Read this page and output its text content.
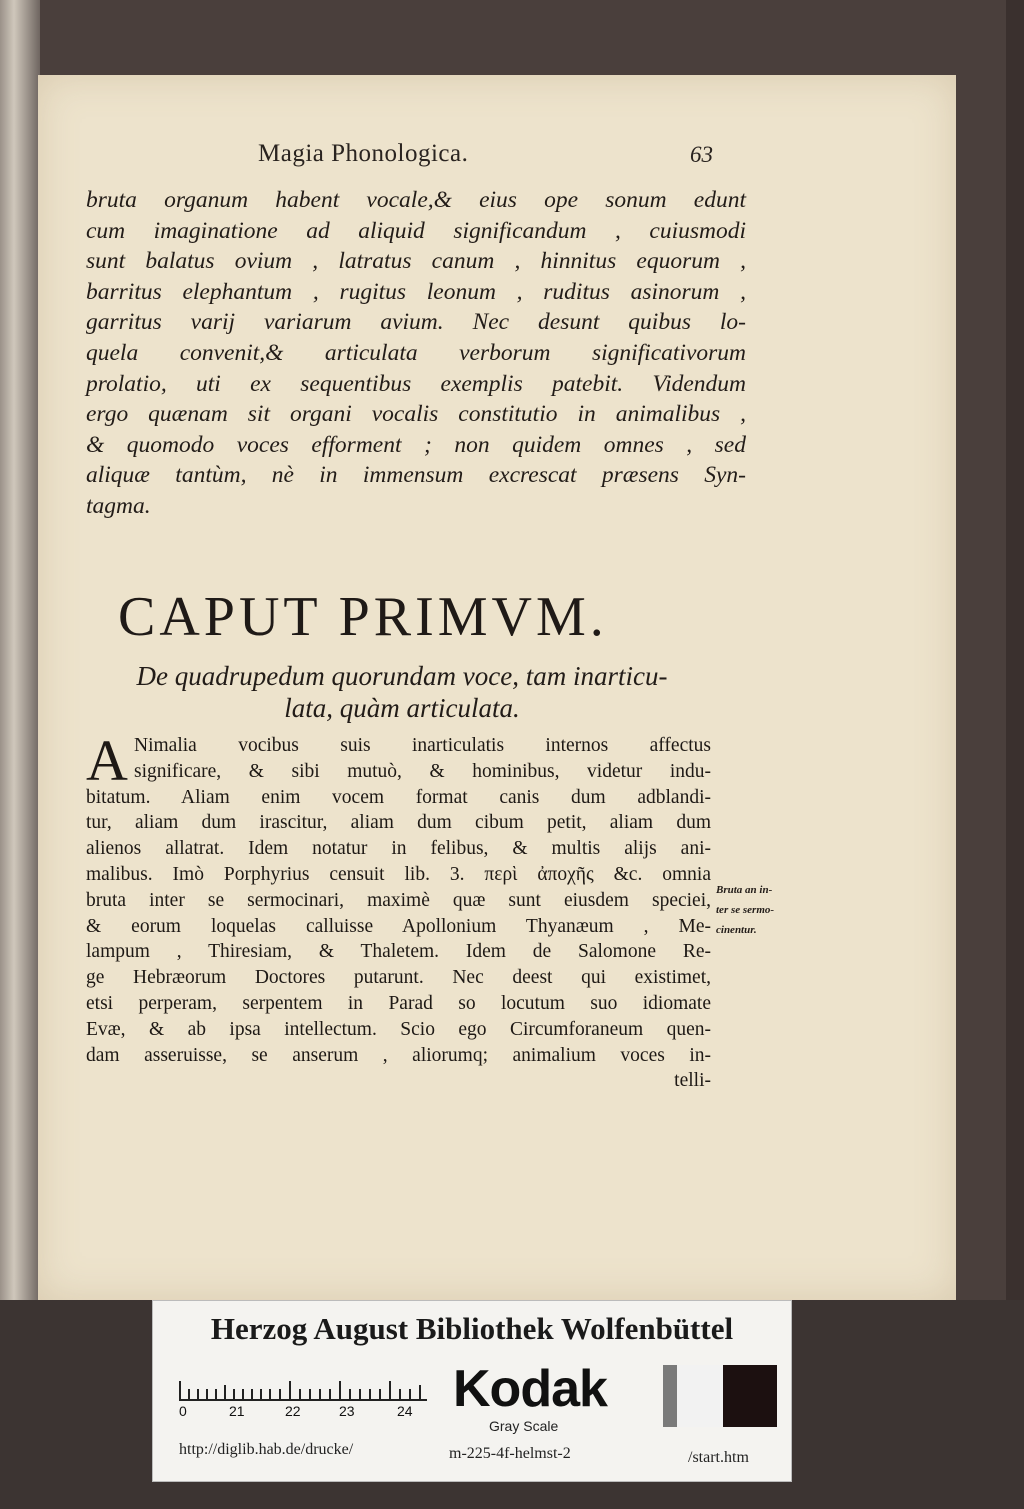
Magia Phonologica.	63
bruta organum habent vocale,& eius ope sonum edunt
cum imaginatione ad aliquid significandum , cuiusmodi
sunt balatus ovium , latratus canum , hinnitus equorum ,
barritus elephantum , rugitus leonum , ruditus asinorum ,
garritus varij variarum avium. Nec desunt quibus lo-
quela convenit,& articulata verborum significativorum
prolatio, uti ex sequentibus exemplis patebit. Videndum
ergo quænam sit organi vocalis constitutio in animalibus ,
& quomodo voces efforment ; non quidem omnes , sed
aliquæ tantùm, nè in immensum excrescat præsens Syn-
tagma.
CAPUT PRIMVM.
De quadrupedum quorundam voce, tam inarticu-
lata, quàm articulata.
A Nimalia vocibus suis inarticulatis internos affectus
significare, & sibi mutuò, & hominibus, videtur indu-
bitatum. Aliam enim vocem format canis dum adblandi-
tur, aliam dum irascitur, aliam dum cibum petit, aliam dum
alienos allatrat. Idem notatur in felibus, & multis alijs ani-
malibus. Imò Porphyrius censuit lib. 3. περὶ ἀποχῆς &c. omnia
bruta inter se sermocinari, maximè quæ sunt eiusdem speciei,
& eorum loquelas calluisse Apollonium Thyanæum , Me-
lampum , Thiresiam, & Thaletem. Idem de Salomone Re-
ge Hebræorum Doctores putarunt. Nec deest qui existimet,
etsi perperam, serpentem in Parad so locutum suo idiomate
Evæ, & ab ipsa intellectum. Scio ego Circumforaneum quen-
dam asseruisse, se anserum , aliorumq; animalium voces in-
telli-
Bruta an in-
ter se sermo-
cinentur.
Herzog August Bibliothek Wolfenbüttel
0	21	22	23	24 Kodak
Gray Scale
http://diglib.hab.de/drucke/	m-225-4f-helmst-2	/start.htm
